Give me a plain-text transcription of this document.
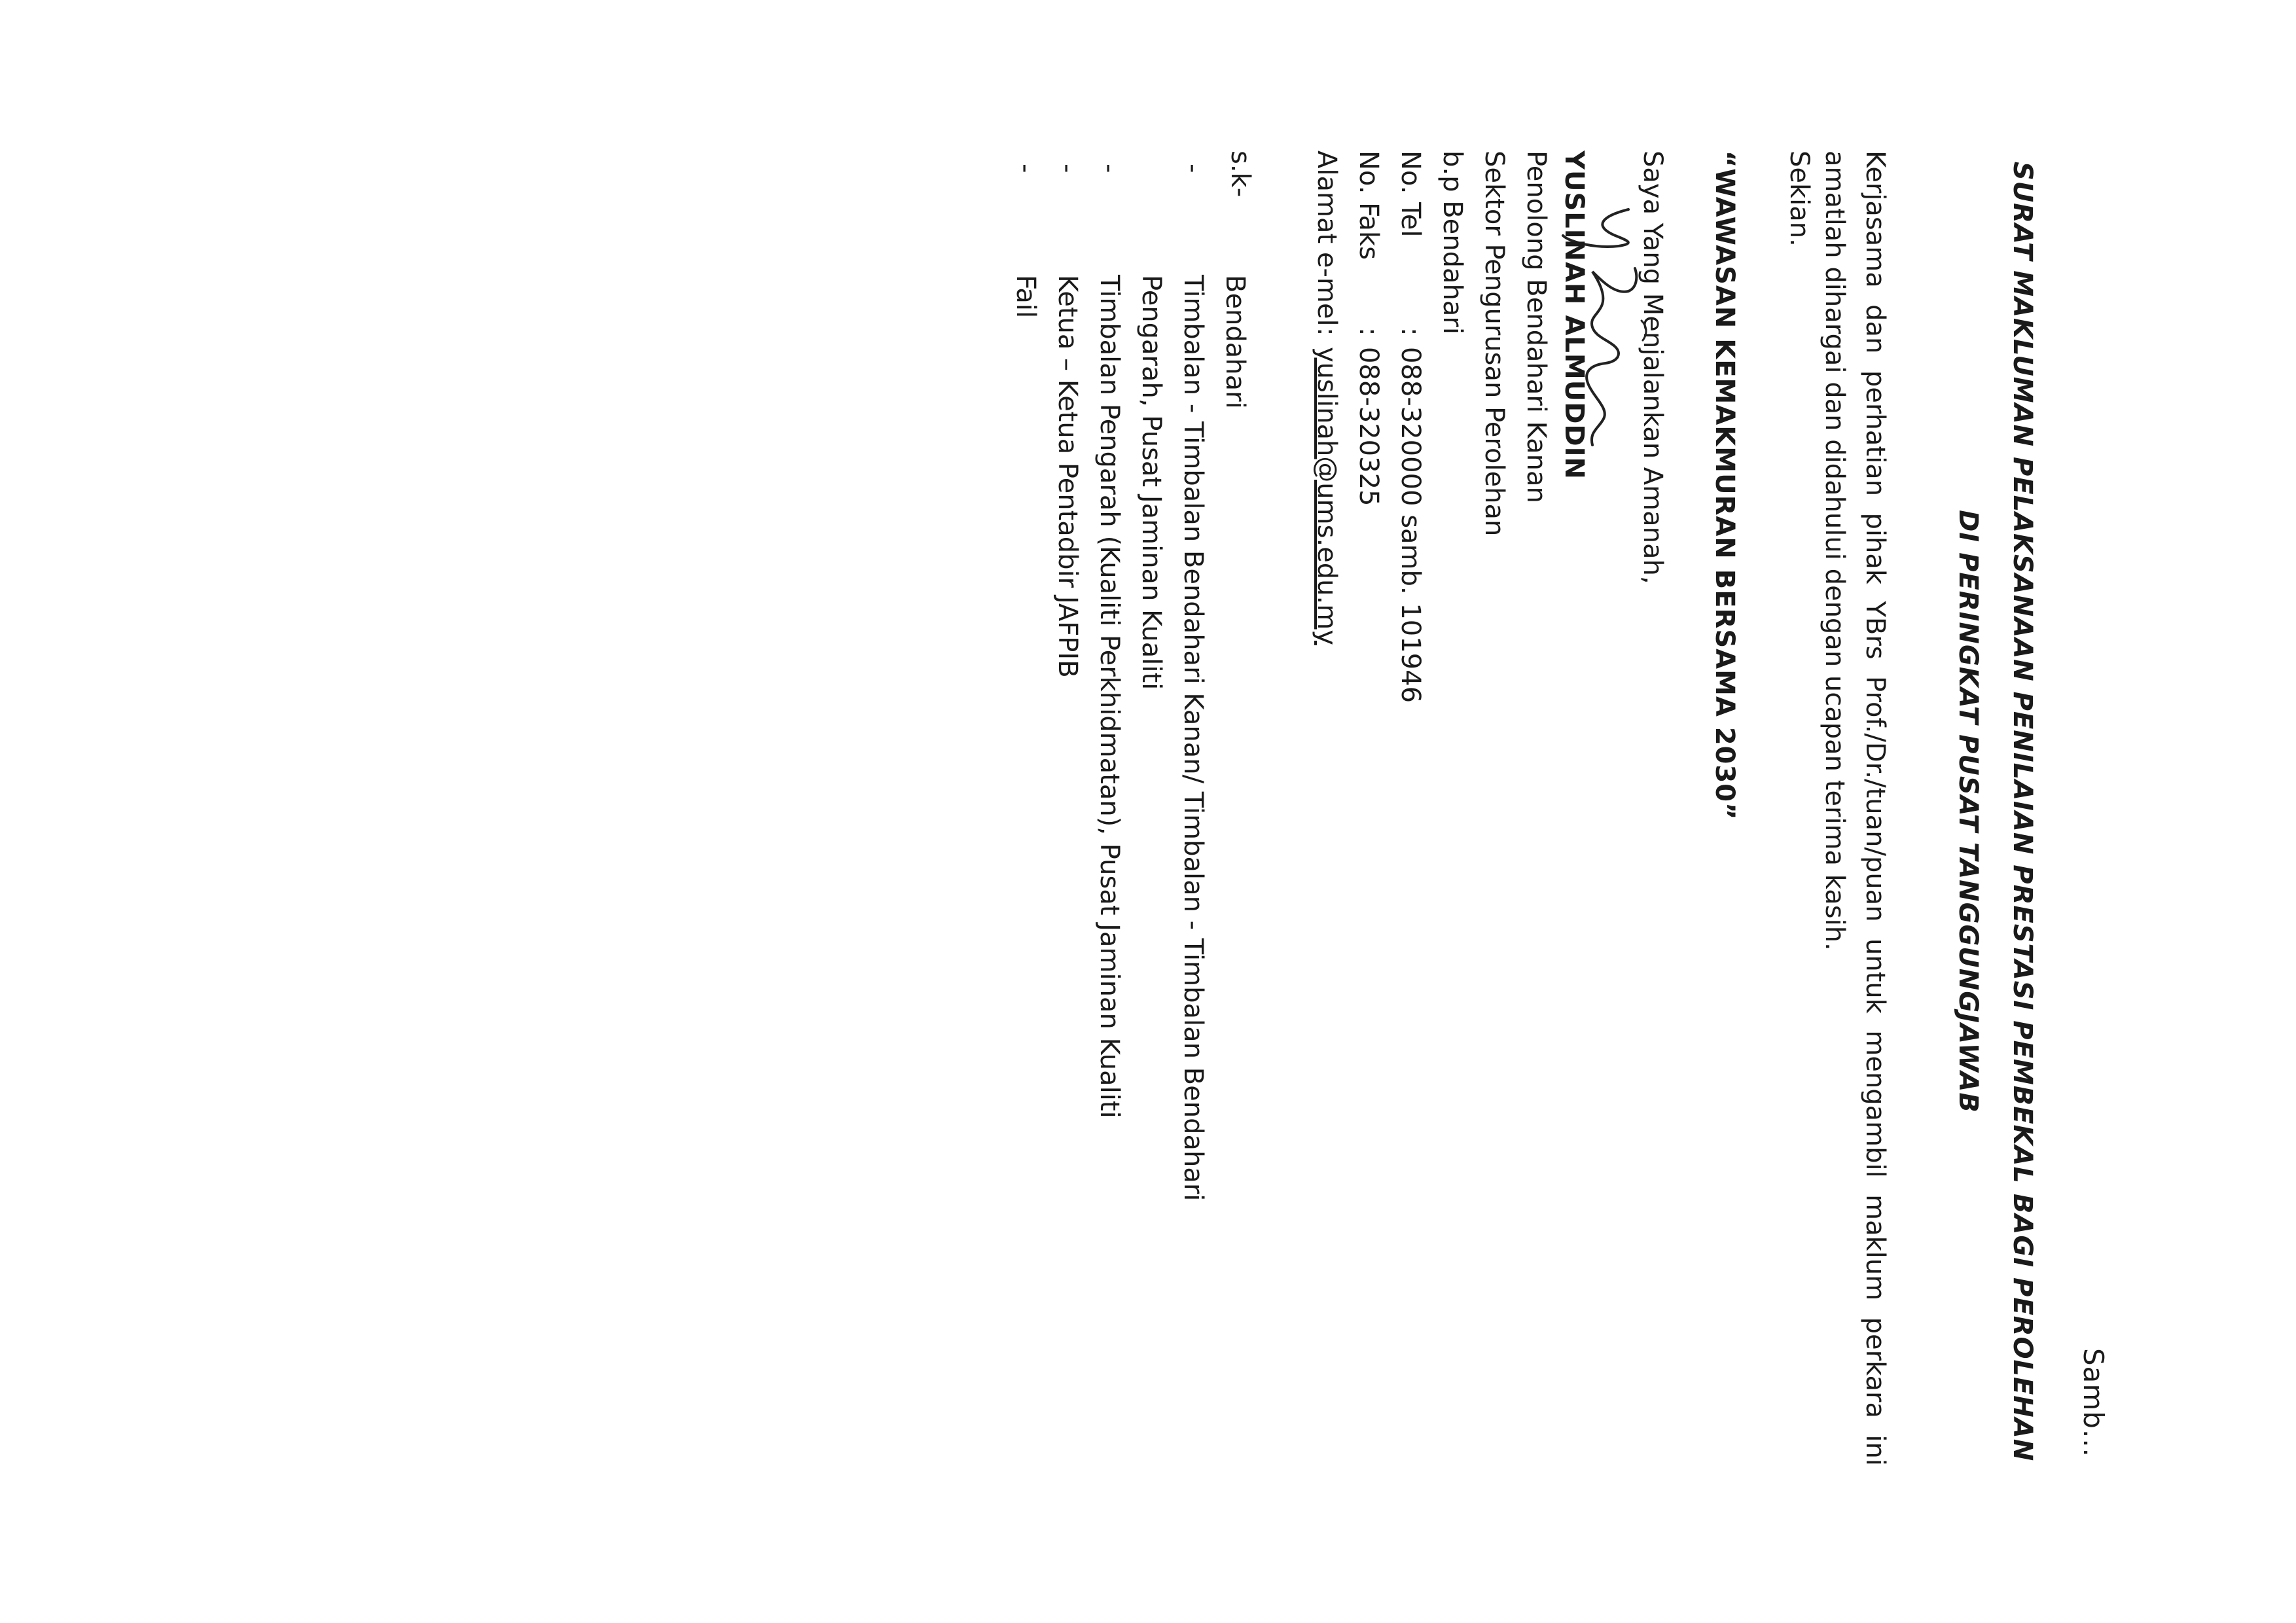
Samb...
SURAT MAKLUMAN PELAKSANAAN PENILAIAN PRESTASI PEMBEKAL BAGI PEROLEHAN
DI PERINGKAT PUSAT TANGGUNGJAWAB
Kerjasama dan perhatian pihak YBrs Prof./Dr./tuan/puan untuk mengambil maklum perkara ini
amatlah dihargai dan didahului dengan ucapan terima kasih.
Sekian.
“WAWASAN KEMAKMURAN BERSAMA 2030”
Saya Yang Menjalankan Amanah,
YUSLINAH ALMUDDIN
Penolong Bendahari Kanan
Sektor Pengurusan Perolehan
b.p Bendahari
No. Tel:088-320000 samb. 101946
No. Faks:088-320325
Alamat e-mel:yuslinah@ums.edu.my
s.k-
Bendahari
-Timbalan - Timbalan Bendahari Kanan/ Timbalan - Timbalan Bendahari
Pengarah, Pusat Jaminan Kualiti
-Timbalan Pengarah (Kualiti Perkhidmatan), Pusat Jaminan Kualiti
-Ketua – Ketua Pentadbir JAFPIB
-Fail
